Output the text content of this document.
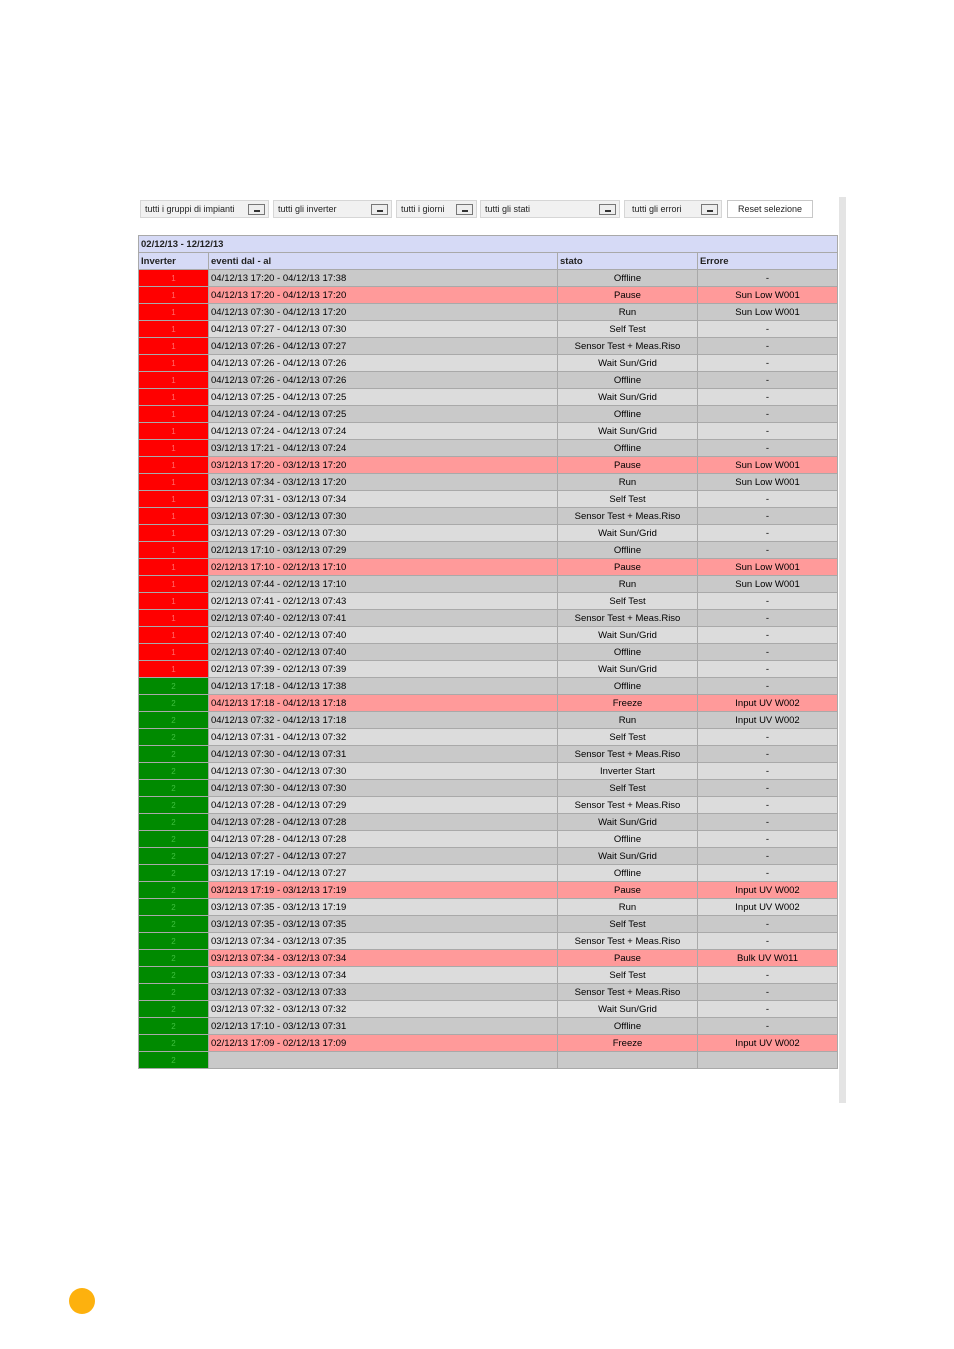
tutti i gruppi di impianti	tutti gli inverter	tutti i giorni	tutti gli stati	tutti gli errori	Reset selezione
02/12/13 - 12/12/13			
Inverter	eventi dal - al	stato	Errore
1	04/12/13 17:20 - 04/12/13 17:38	Offline	-
1	04/12/13 17:20 - 04/12/13 17:20	Pause	Sun Low W001
1	04/12/13 07:30 - 04/12/13 17:20	Run	Sun Low W001
1	04/12/13 07:27 - 04/12/13 07:30	Self Test	-
1	04/12/13 07:26 - 04/12/13 07:27	Sensor Test + Meas.Riso	-
1	04/12/13 07:26 - 04/12/13 07:26	Wait Sun/Grid	-
1	04/12/13 07:26 - 04/12/13 07:26	Offline	-
1	04/12/13 07:25 - 04/12/13 07:25	Wait Sun/Grid	-
1	04/12/13 07:24 - 04/12/13 07:25	Offline	-
1	04/12/13 07:24 - 04/12/13 07:24	Wait Sun/Grid	-
1	03/12/13 17:21 - 04/12/13 07:24	Offline	-
1	03/12/13 17:20 - 03/12/13 17:20	Pause	Sun Low W001
1	03/12/13 07:34 - 03/12/13 17:20	Run	Sun Low W001
1	03/12/13 07:31 - 03/12/13 07:34	Self Test	-
1	03/12/13 07:30 - 03/12/13 07:30	Sensor Test + Meas.Riso	-
1	03/12/13 07:29 - 03/12/13 07:30	Wait Sun/Grid	-
1	02/12/13 17:10 - 03/12/13 07:29	Offline	-
1	02/12/13 17:10 - 02/12/13 17:10	Pause	Sun Low W001
1	02/12/13 07:44 - 02/12/13 17:10	Run	Sun Low W001
1	02/12/13 07:41 - 02/12/13 07:43	Self Test	-
1	02/12/13 07:40 - 02/12/13 07:41	Sensor Test + Meas.Riso	-
1	02/12/13 07:40 - 02/12/13 07:40	Wait Sun/Grid	-
1	02/12/13 07:40 - 02/12/13 07:40	Offline	-
1	02/12/13 07:39 - 02/12/13 07:39	Wait Sun/Grid	-
2	04/12/13 17:18 - 04/12/13 17:38	Offline	-
2	04/12/13 17:18 - 04/12/13 17:18	Freeze	Input UV W002
2	04/12/13 07:32 - 04/12/13 17:18	Run	Input UV W002
2	04/12/13 07:31 - 04/12/13 07:32	Self Test	-
2	04/12/13 07:30 - 04/12/13 07:31	Sensor Test + Meas.Riso	-
2	04/12/13 07:30 - 04/12/13 07:30	Inverter Start	-
2	04/12/13 07:30 - 04/12/13 07:30	Self Test	-
2	04/12/13 07:28 - 04/12/13 07:29	Sensor Test + Meas.Riso	-
2	04/12/13 07:28 - 04/12/13 07:28	Wait Sun/Grid	-
2	04/12/13 07:28 - 04/12/13 07:28	Offline	-
2	04/12/13 07:27 - 04/12/13 07:27	Wait Sun/Grid	-
2	03/12/13 17:19 - 04/12/13 07:27	Offline	-
2	03/12/13 17:19 - 03/12/13 17:19	Pause	Input UV W002
2	03/12/13 07:35 - 03/12/13 17:19	Run	Input UV W002
2	03/12/13 07:35 - 03/12/13 07:35	Self Test	-
2	03/12/13 07:34 - 03/12/13 07:35	Sensor Test + Meas.Riso	-
2	03/12/13 07:34 - 03/12/13 07:34	Pause	Bulk UV W011
2	03/12/13 07:33 - 03/12/13 07:34	Self Test	-
2	03/12/13 07:32 - 03/12/13 07:33	Sensor Test + Meas.Riso	-
2	03/12/13 07:32 - 03/12/13 07:32	Wait Sun/Grid	-
2	02/12/13 17:10 - 03/12/13 07:31	Offline	-
2	02/12/13 17:09 - 02/12/13 17:09	Freeze	Input UV W002
2			
